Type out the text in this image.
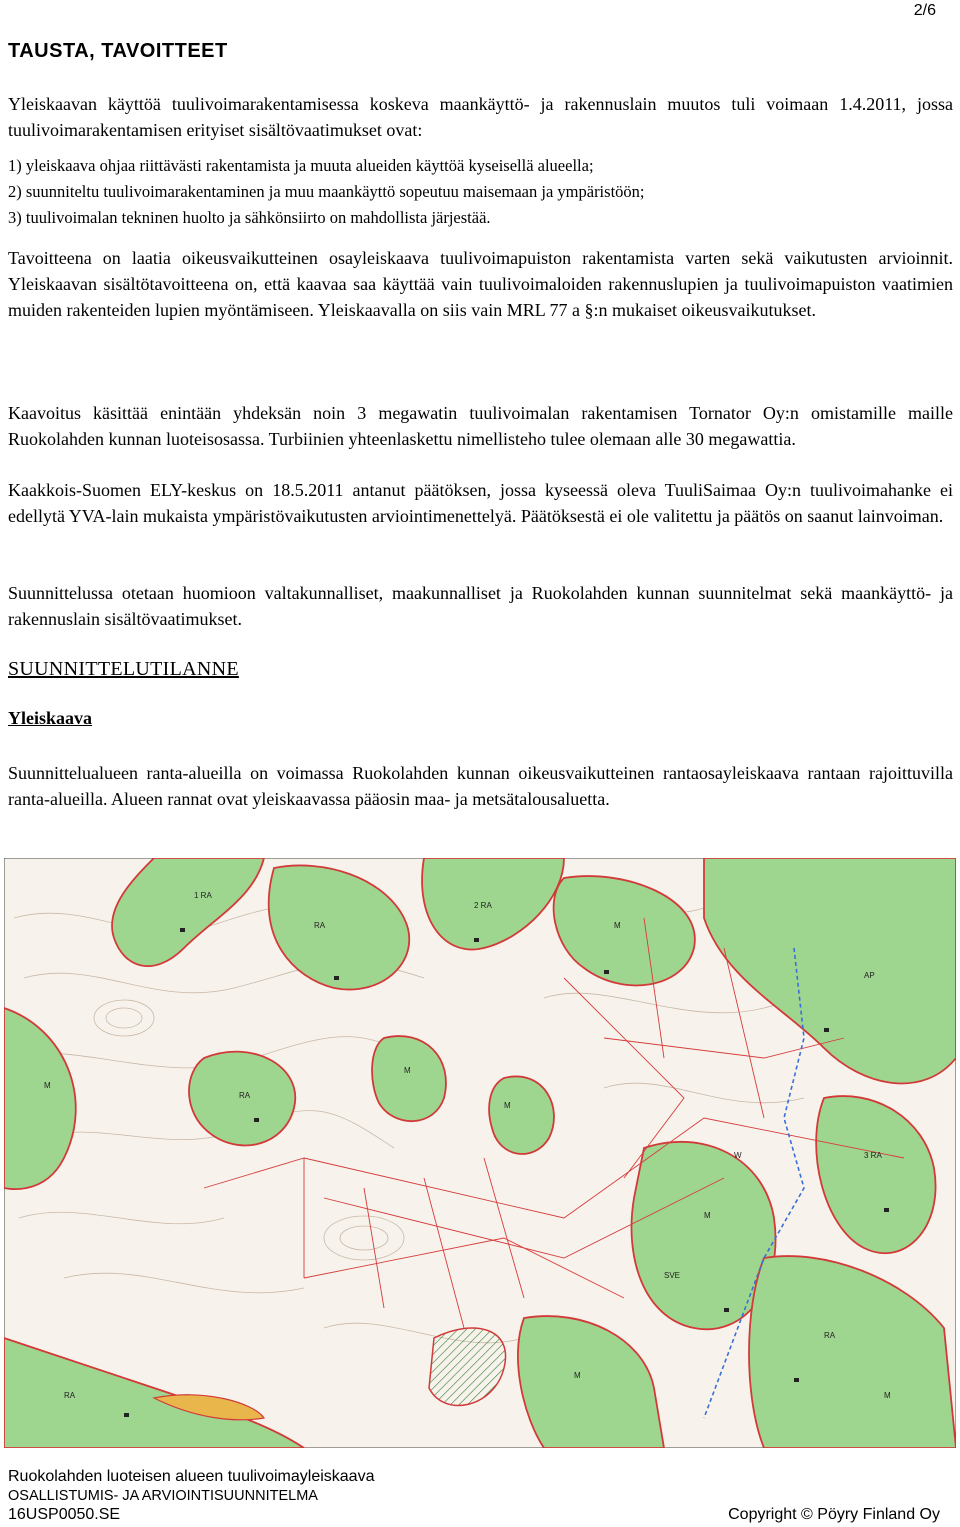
2/6
TAUSTA, TAVOITTEET

Yleiskaavan käyttöä tuulivoimarakentamisessa koskeva maankäyttö- ja rakennuslain muutos tuli voimaan 1.4.2011, jossa tuulivoimarakentamisen erityiset sisältövaatimukset ovat:

1) yleiskaava ohjaa riittävästi rakentamista ja muuta alueiden käyttöä kyseisellä alueella;
2) suunniteltu tuulivoimarakentaminen ja muu maankäyttö sopeutuu maisemaan ja ympäristöön;
3) tuulivoimalan tekninen huolto ja sähkönsiirto on mahdollista järjestää.

Tavoitteena on laatia oikeusvaikutteinen osayleiskaava tuulivoimapuiston rakentamista varten sekä vaikutusten arvioinnit. Yleiskaavan sisältötavoitteena on, että kaavaa saa käyttää vain tuulivoimaloiden rakennuslupien ja tuulivoimapuiston vaatimien muiden rakenteiden lupien myöntämiseen. Yleiskaavalla on siis vain MRL 77 a §:n mukaiset oikeusvaikutukset.

Kaavoitus käsittää enintään yhdeksän noin 3 megawatin tuulivoimalan rakentamisen Tornator Oy:n omistamille maille Ruokolahden kunnan luoteisosassa. Turbiinien yhteenlaskettu nimellisteho tulee olemaan alle 30 megawattia.

Kaakkois-Suomen ELY-keskus on 18.5.2011 antanut päätöksen, jossa kyseessä oleva TuuliSaimaa Oy:n tuulivoimahanke ei edellytä YVA-lain mukaista ympäristövaikutusten arviointimenettelyä. Päätöksestä ei ole valitettu ja päätös on saanut lainvoiman.

Suunnittelussa otetaan huomioon valtakunnalliset, maakunnalliset ja Ruokolahden kunnan suunnitelmat sekä maankäyttö- ja rakennuslain sisältövaatimukset.

SUUNNITTELUTILANNE
Yleiskaava

Suunnittelualueen ranta-alueilla on voimassa Ruokolahden kunnan oikeusvaikutteinen rantaosayleiskaava rantaan rajoittuvilla ranta-alueilla. Alueen rannat ovat yleiskaavassa pääosin maa- ja metsätalousaluetta.

1 RA
RA
M
RA
2 RA
M
AP
3 RA
M
W
M
M
SVE
RA
M
RA	M
Ruokolahden luoteisen alueen tuulivoimayleiskaava
OSALLISTUMIS- JA ARVIOINTISUUNNITELMA
16USP0050.SE	Copyright © Pöyry Finland Oy
